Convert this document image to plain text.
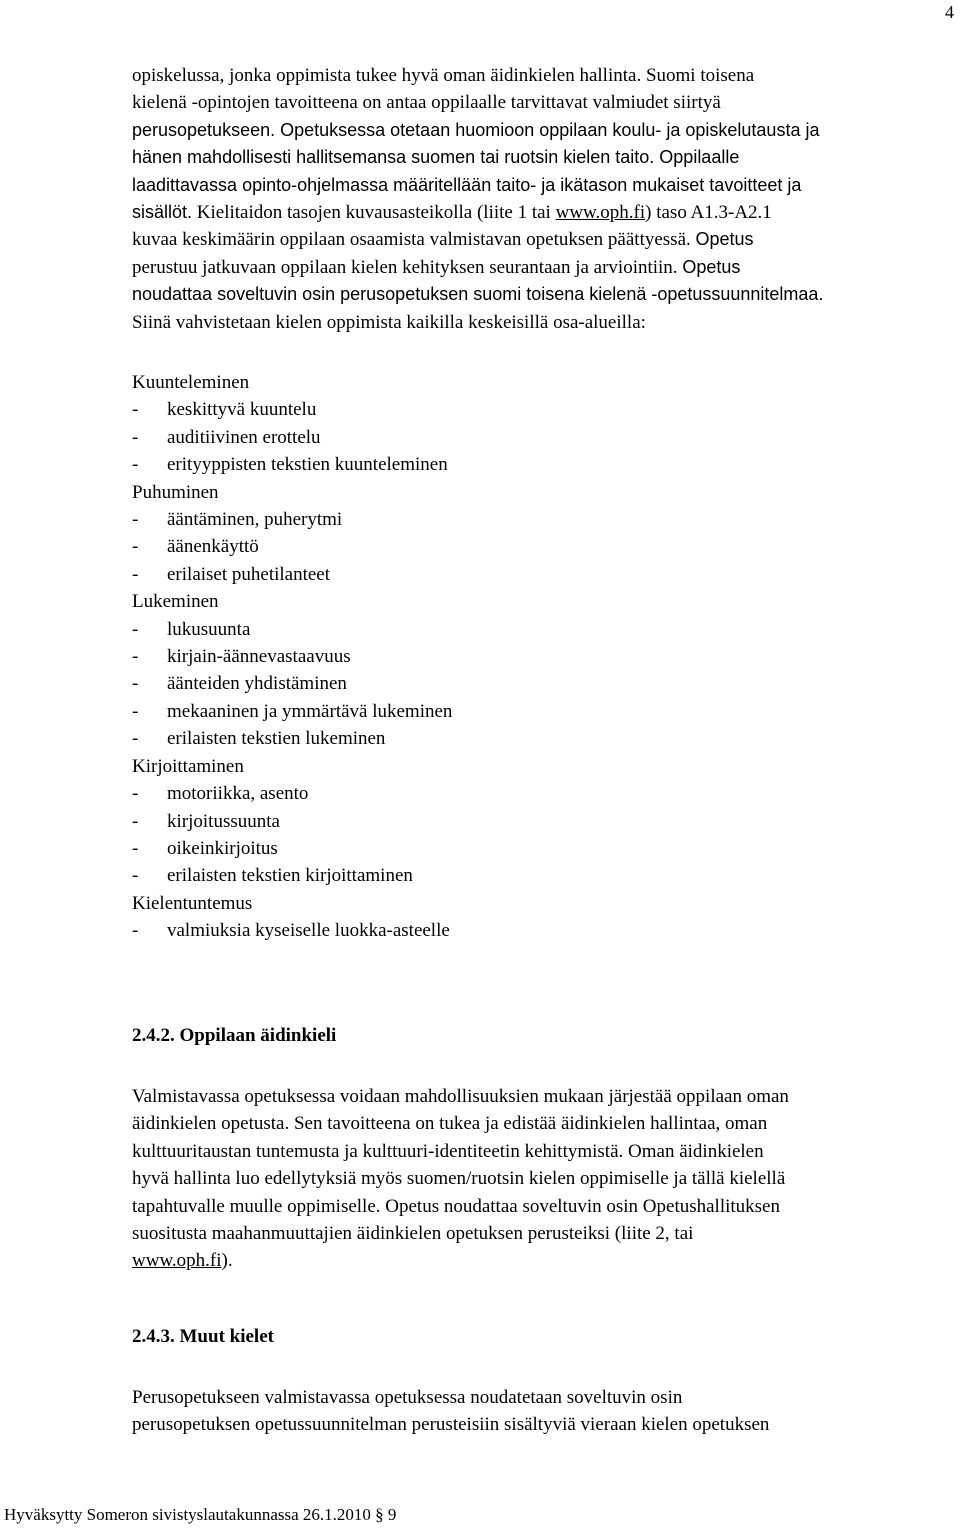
4
opiskelussa, jonka oppimista tukee hyvä oman äidinkielen hallinta. Suomi toisena
kielenä -opintojen tavoitteena on antaa oppilaalle tarvittavat valmiudet siirtyä
perusopetukseen. Opetuksessa otetaan huomioon oppilaan koulu- ja opiskelutausta ja
hänen mahdollisesti hallitsemansa suomen tai ruotsin kielen taito. Oppilaalle
laadittavassa opinto-ohjelmassa määritellään taito- ja ikätason mukaiset tavoitteet ja
sisällöt. Kielitaidon tasojen kuvausasteikolla (liite 1 tai www.oph.fi) taso A1.3-A2.1
kuvaa keskimäärin oppilaan osaamista valmistavan opetuksen päättyessä. Opetus
perustuu jatkuvaan oppilaan kielen kehityksen seurantaan ja arviointiin. Opetus
noudattaa soveltuvin osin perusopetuksen suomi toisena kielenä -opetussuunnitelmaa.
Siinä vahvistetaan kielen oppimista kaikilla keskeisillä osa-alueilla:
Kuunteleminen
- keskittyvä kuuntelu
- auditiivinen erottelu
- erityyppisten tekstien kuunteleminen
Puhuminen
- ääntäminen, puherytmi
- äänenkäyttö
- erilaiset puhetilanteet
Lukeminen
- lukusuunta
- kirjain-äännevastaavuus
- äänteiden yhdistäminen
- mekaaninen ja ymmärtävä lukeminen
- erilaisten tekstien lukeminen
Kirjoittaminen
- motoriikka, asento
- kirjoitussuunta
- oikeinkirjoitus
- erilaisten tekstien kirjoittaminen
Kielentuntemus
- valmiuksia kyseiselle luokka-asteelle
2.4.2. Oppilaan äidinkieli
Valmistavassa opetuksessa voidaan mahdollisuuksien mukaan järjestää oppilaan oman
äidinkielen opetusta. Sen tavoitteena on tukea ja edistää äidinkielen hallintaa, oman
kulttuuritaustan tuntemusta ja kulttuuri-identiteetin kehittymistä. Oman äidinkielen
hyvä hallinta luo edellytyksiä myös suomen/ruotsin kielen oppimiselle ja tällä kielellä
tapahtuvalle muulle oppimiselle. Opetus noudattaa soveltuvin osin Opetushallituksen
suositusta maahanmuuttajien äidinkielen opetuksen perusteiksi (liite 2, tai
www.oph.fi).
2.4.3. Muut kielet
Perusopetukseen valmistavassa opetuksessa noudatetaan soveltuvin osin
perusopetuksen opetussuunnitelman perusteisiin sisältyviä vieraan kielen opetuksen
Hyväksytty Someron sivistyslautakunnassa 26.1.2010 § 9
